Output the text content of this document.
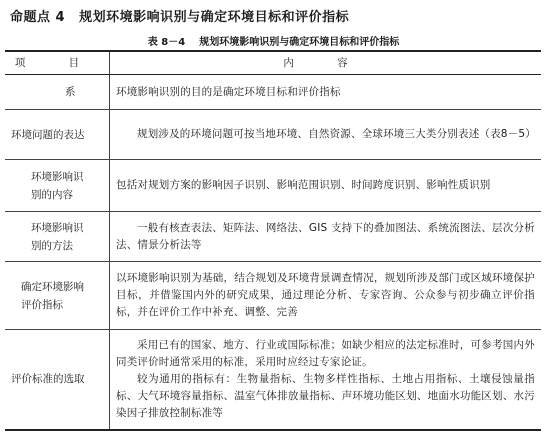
命题点 4 规划环境影响识别与确定环境目标和评价指标
表 8－4 规划环境影响识别与确定环境目标和评价指标
项 目	内 容
系	环境影响识别的目的是确定环境目标和评价指标
环境问题的表达	规划涉及的环境问题可按当地环境、自然资源、全球环境三大类分别表述（表8－5）
环境影响识别的内容	包括对规划方案的影响因子识别、影响范围识别、时间跨度识别、影响性质识别
环境影响识别的方法	一般有核查表法、矩阵法、网络法、GIS 支持下的叠加图法、系统流图法、层次分析法、情景分析法等
确定环境影响评价指标	以环境影响识别为基础，结合规划及环境背景调查情况，规划所涉及部门或区域环境保护目标，并借鉴国内外的研究成果，通过理论分析、专家咨询、公众参与初步确立评价指标，并在评价工作中补充、调整、完善
评价标准的选取	采用已有的国家、地方、行业或国际标准；如缺少相应的法定标准时，可参考国内外同类评价时通常采用的标准，采用时应经过专家论证。
较为通用的指标有：生物量指标、生物多样性指标、土地占用指标、土壤侵蚀量指标、大气环境容量指标、温室气体排放量指标、声环境功能区划、地面水功能区划、水污染因子排放控制标准等
